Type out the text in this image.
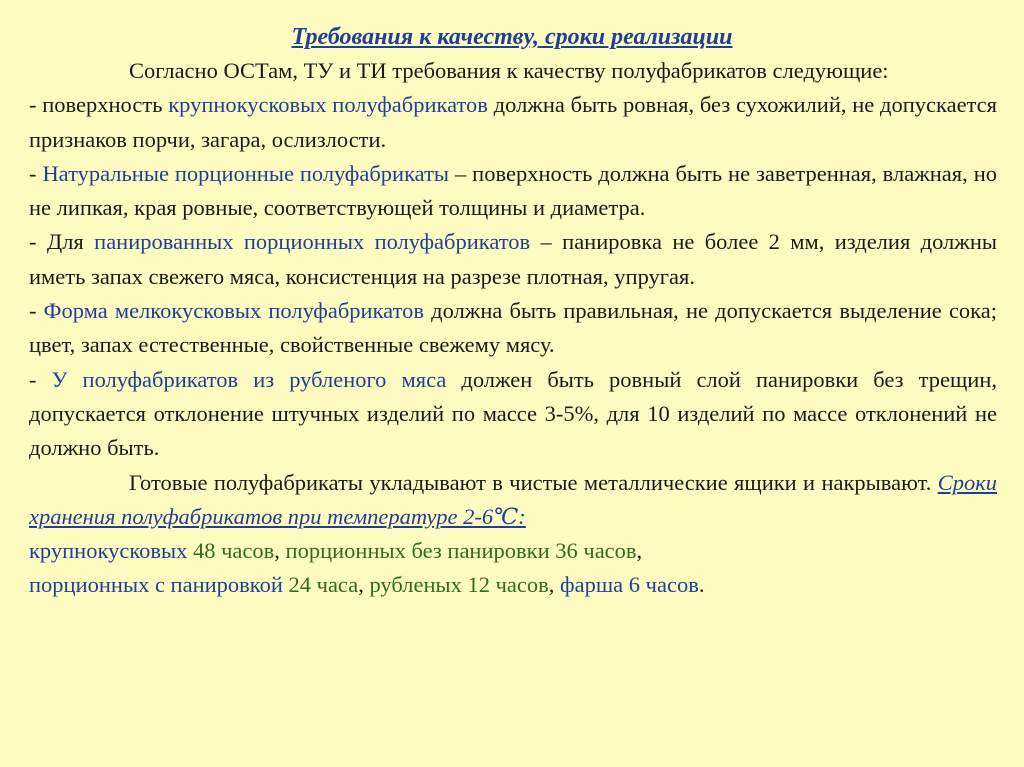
Требования к качеству, сроки реализации

Согласно ОСТам, ТУ и ТИ требования к качеству полуфабрикатов следующие:

- поверхность крупнокусковых полуфабрикатов должна быть ровная, без сухожилий, не допускается признаков порчи, загара, ослизлости.

- Натуральные порционные полуфабрикаты – поверхность должна быть не заветренная, влажная, но не липкая, края ровные, соответствующей толщины и диаметра.

- Для панированных порционных полуфабрикатов – панировка не более 2 мм, изделия должны иметь запах свежего мяса, консистенция на разрезе плотная, упругая.

- Форма мелкокусковых полуфабрикатов должна быть правильная, не допускается выделение сока; цвет, запах естественные, свойственные свежему мясу.

- У полуфабрикатов из рубленого мяса должен быть ровный слой панировки без трещин, допускается отклонение штучных изделий по массе 3-5%, для 10 изделий по массе отклонений не должно быть.

Готовые полуфабрикаты укладывают в чистые металлические ящики и накрывают. Сроки хранения полуфабрикатов при температуре 2-6℃:

крупнокусковых 48 часов, порционных без панировки 36 часов,

порционных с панировкой 24 часа, рубленых 12 часов, фарша 6 часов.
